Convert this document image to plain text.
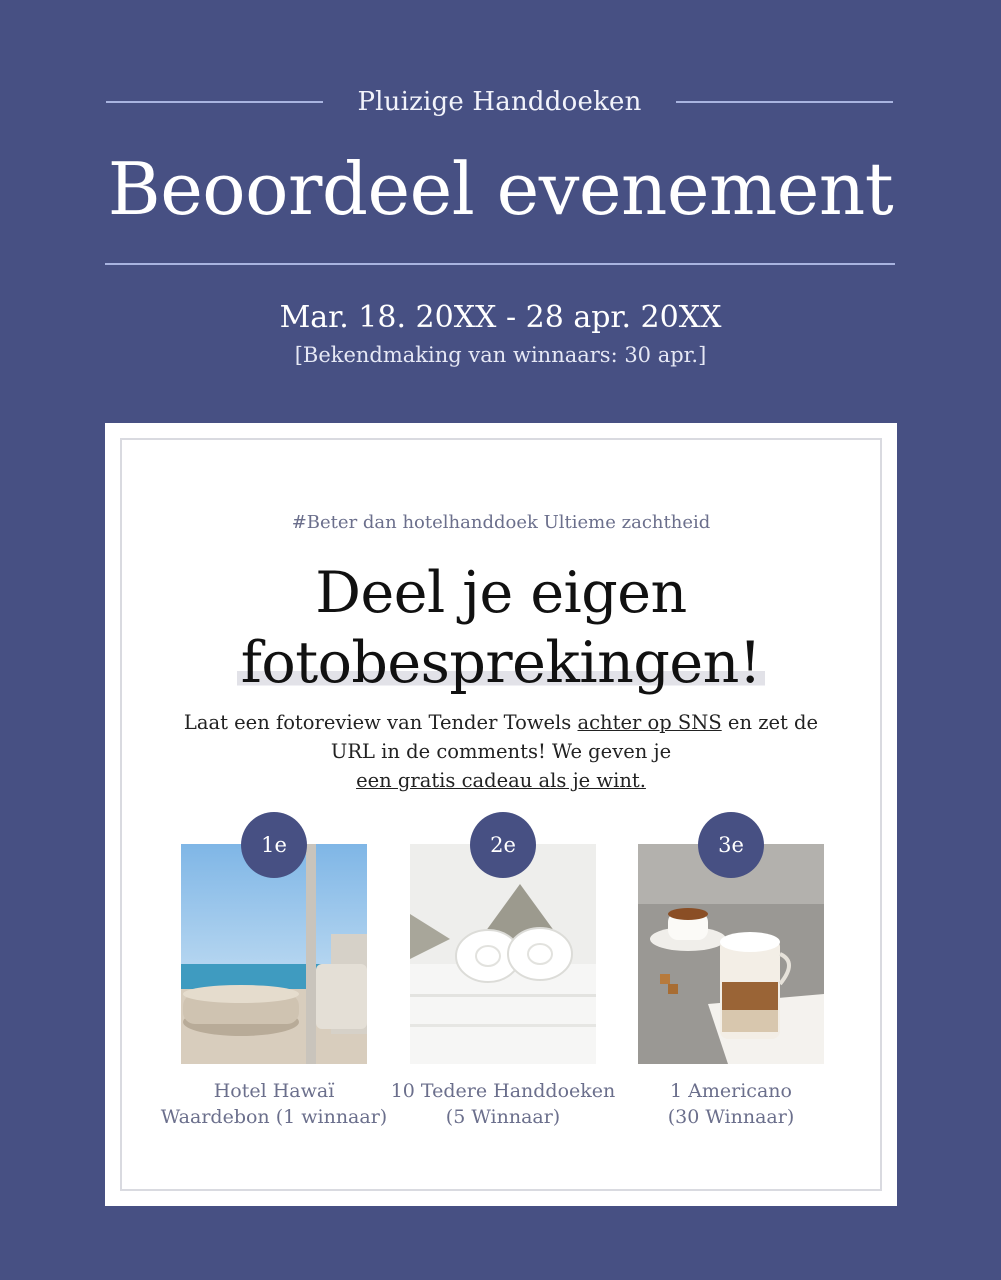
Pluizige Handdoeken
Beoordeel evenement
Mar. 18. 20XX - 28 apr. 20XX
[Bekendmaking van winnaars: 30 apr.]
#Beter dan hotelhanddoek Ultieme zachtheid
Deel je eigen
fotobesprekingen!
Laat een fotoreview van Tender Towels achter op SNS en zet de URL in de comments! We geven je
een gratis cadeau als je wint.
1e
Hotel Hawaï
Waardebon (1 winnaar)
2e
10 Tedere Handdoeken
(5 Winnaar)
3e
1 Americano
(30 Winnaar)
